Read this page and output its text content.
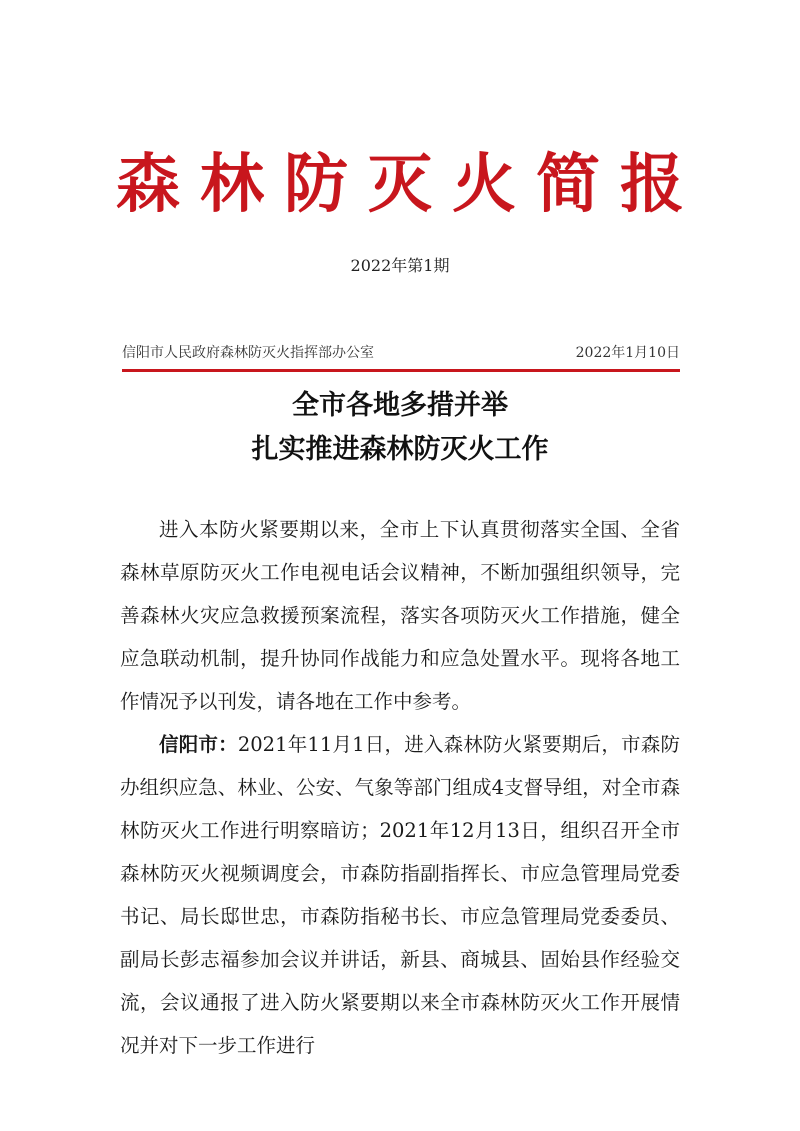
森林防灭火简报
2022年第1期
信阳市人民政府森林防灭火指挥部办公室	2022年1月10日
全市各地多措并举
扎实推进森林防灭火工作

进入本防火紧要期以来，全市上下认真贯彻落实全国、全省森林草原防灭火工作电视电话会议精神，不断加强组织领导，完善森林火灾应急救援预案流程，落实各项防灭火工作措施，健全应急联动机制，提升协同作战能力和应急处置水平。现将各地工作情况予以刊发，请各地在工作中参考。

信阳市：2021年11月1日，进入森林防火紧要期后，市森防办组织应急、林业、公安、气象等部门组成4支督导组，对全市森林防灭火工作进行明察暗访；2021年12月13日，组织召开全市森林防灭火视频调度会，市森防指副指挥长、市应急管理局党委书记、局长邸世忠，市森防指秘书长、市应急管理局党委委员、副局长彭志福参加会议并讲话，新县、商城县、固始县作经验交流，会议通报了进入防火紧要期以来全市森林防灭火工作开展情况并对下一步工作进行
